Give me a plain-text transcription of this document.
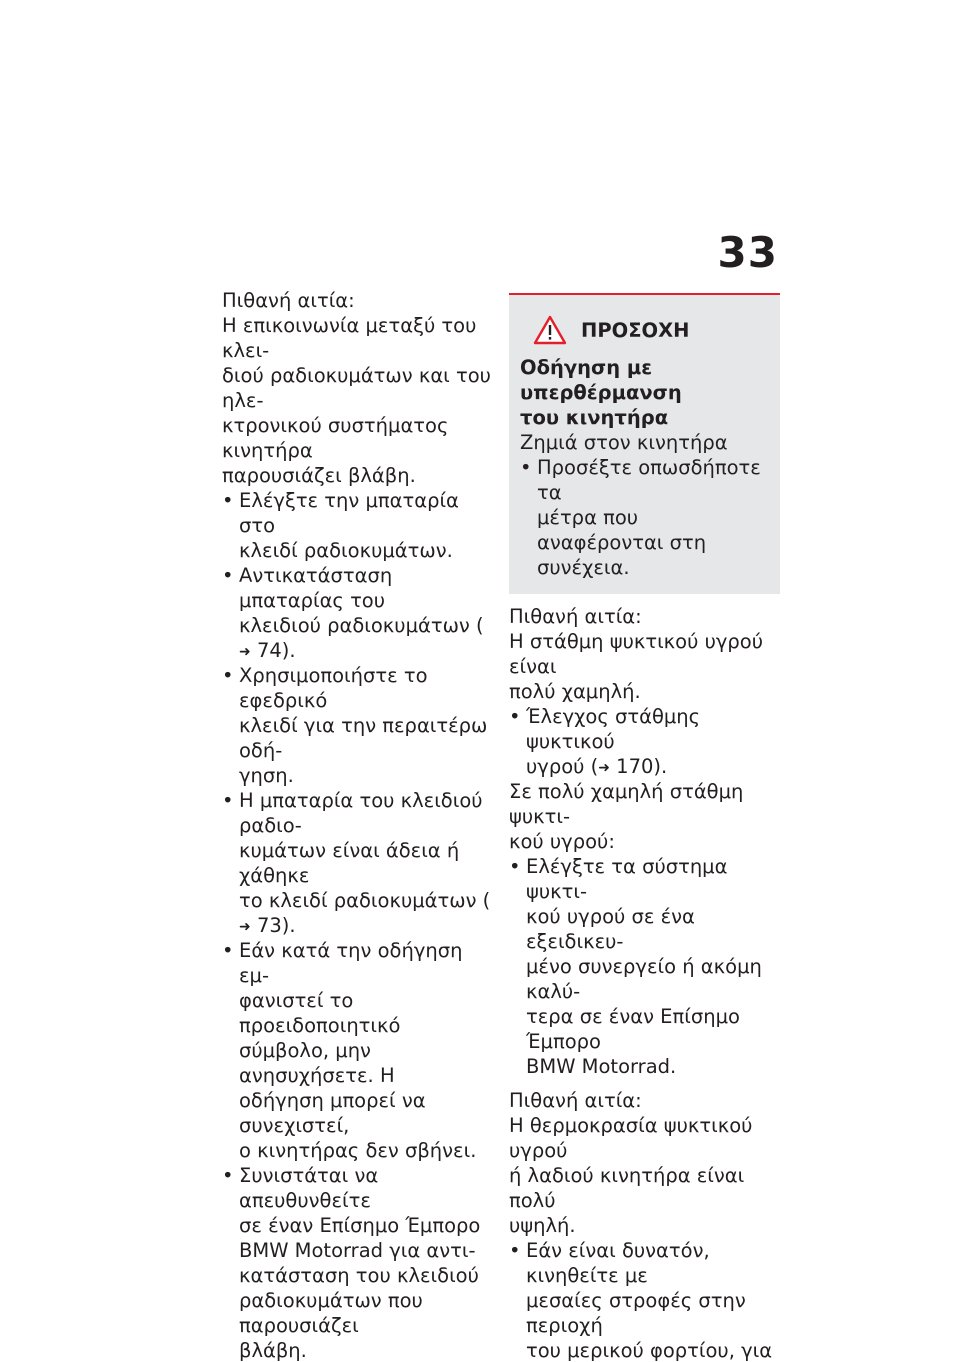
33

Πιθανή αιτία:

Η επικοινωνία μεταξύ του κλει-

διού ραδιοκυμάτων και του ηλε-

κτρονικού συστήματος κινητήρα

παρουσιάζει βλάβη.

• Ελέγξτε την μπαταρία στο

κλειδί ραδιοκυμάτων.

• Αντικατάσταση μπαταρίας του

κλειδιού ραδιοκυμάτων (➜ 74).

• Χρησιμοποιήστε το εφεδρικό

κλειδί για την περαιτέρω οδή-

γηση.

• Η μπαταρία του κλειδιού ραδιο-

κυμάτων είναι άδεια ή χάθηκε

το κλειδί ραδιοκυμάτων (➜ 73).

• Εάν κατά την οδήγηση εμ-

φανιστεί το προειδοποιητικό

σύμβολο, μην ανησυχήσετε. Η

οδήγηση μπορεί να συνεχιστεί,

ο κινητήρας δεν σβήνει.

• Συνιστάται να απευθυνθείτε

σε έναν Επίσημο Έμπορο

BMW Motorrad για αντι-

κατάσταση του κλειδιού

ραδιοκυμάτων που παρουσιάζει

βλάβη.

ΠΡΟΣΟΧΗ

Οδήγηση με υπερθέρμανση

του κινητήρα

Ζημιά στον κινητήρα

• Προσέξτε οπωσδήποτε τα

μέτρα που αναφέρονται στη

συνέχεια.

Πιθανή αιτία:

Η στάθμη ψυκτικού υγρού είναι

πολύ χαμηλή.

• Έλεγχος στάθμης ψυκτικού

υγρού (➜ 170).

Σε πολύ χαμηλή στάθμη ψυκτι-

κού υγρού:

• Ελέγξτε τα σύστημα ψυκτι-

κού υγρού σε ένα εξειδικευ-

μένο συνεργείο ή ακόμη καλύ-

τερα σε έναν Επίσημο Έμπορο

BMW Motorrad.

Πιθανή αιτία:

Η θερμοκρασία ψυκτικού υγρού

ή λαδιού κινητήρα είναι πολύ

υψηλή.

• Εάν είναι δυνατόν, κινηθείτε με

μεσαίες στροφές στην περιοχή

του μερικού φορτίου, για
